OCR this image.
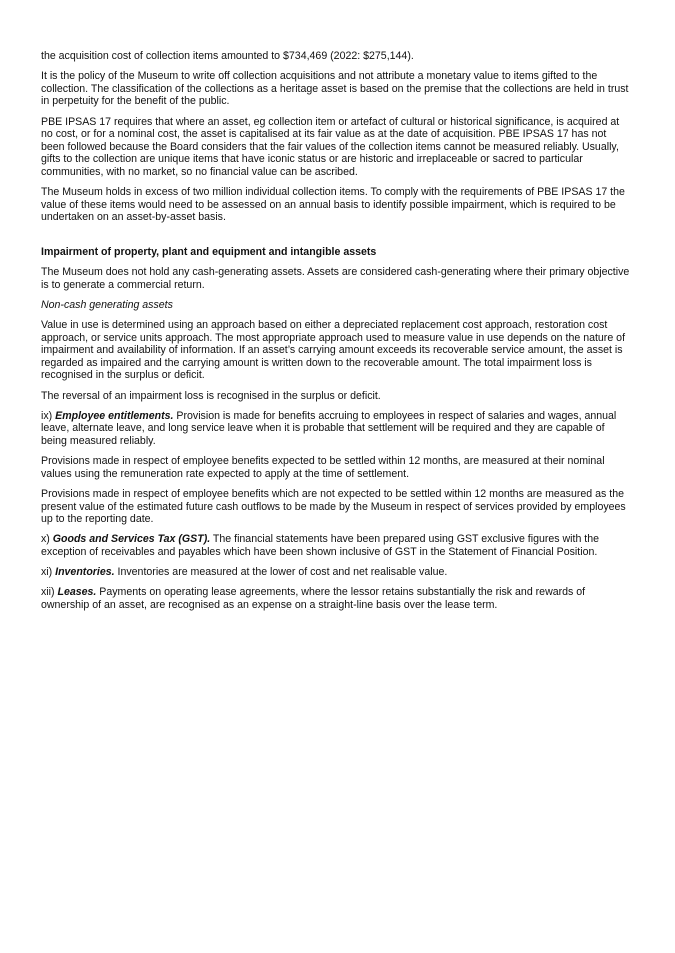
the acquisition cost of collection items amounted to $734,469 (2022: $275,144).

It is the policy of the Museum to write off collection acquisitions and not attribute a monetary value to items gifted to the collection. The classification of the collections as a heritage asset is based on the premise that the collections are held in trust in perpetuity for the benefit of the public.

PBE IPSAS 17 requires that where an asset, eg collection item or artefact of cultural or historical significance, is acquired at no cost, or for a nominal cost, the asset is capitalised at its fair value as at the date of acquisition. PBE IPSAS 17 has not been followed because the Board considers that the fair values of the collection items cannot be measured reliably. Usually, gifts to the collection are unique items that have iconic status or are historic and irreplaceable or sacred to particular communities, with no market, so no financial value can be ascribed.

The Museum holds in excess of two million individual collection items. To comply with the requirements of PBE IPSAS 17 the value of these items would need to be assessed on an annual basis to identify possible impairment, which is required to be undertaken on an asset-by-asset basis.

Impairment of property, plant and equipment and intangible assets

The Museum does not hold any cash-generating assets. Assets are considered cash-generating where their primary objective is to generate a commercial return.

Non-cash generating assets

Value in use is determined using an approach based on either a depreciated replacement cost approach, restoration cost approach, or service units approach. The most appropriate approach used to measure value in use depends on the nature of impairment and availability of information. If an asset’s carrying amount exceeds its recoverable service amount, the asset is regarded as impaired and the carrying amount is written down to the recoverable amount. The total impairment loss is recognised in the surplus or deficit.

The reversal of an impairment loss is recognised in the surplus or deficit.

ix) Employee entitlements. Provision is made for benefits accruing to employees in respect of salaries and wages, annual leave, alternate leave, and long service leave when it is probable that settlement will be required and they are capable of being measured reliably.

Provisions made in respect of employee benefits expected to be settled within 12 months, are measured at their nominal values using the remuneration rate expected to apply at the time of settlement.

Provisions made in respect of employee benefits which are not expected to be settled within 12 months are measured as the present value of the estimated future cash outflows to be made by the Museum in respect of services provided by employees up to the reporting date.

x) Goods and Services Tax (GST). The financial statements have been prepared using GST exclusive figures with the exception of receivables and payables which have been shown inclusive of GST in the Statement of Financial Position.

xi) Inventories. Inventories are measured at the lower of cost and net realisable value.

xii) Leases. Payments on operating lease agreements, where the lessor retains substantially the risk and rewards of ownership of an asset, are recognised as an expense on a straight-line basis over the lease term.
